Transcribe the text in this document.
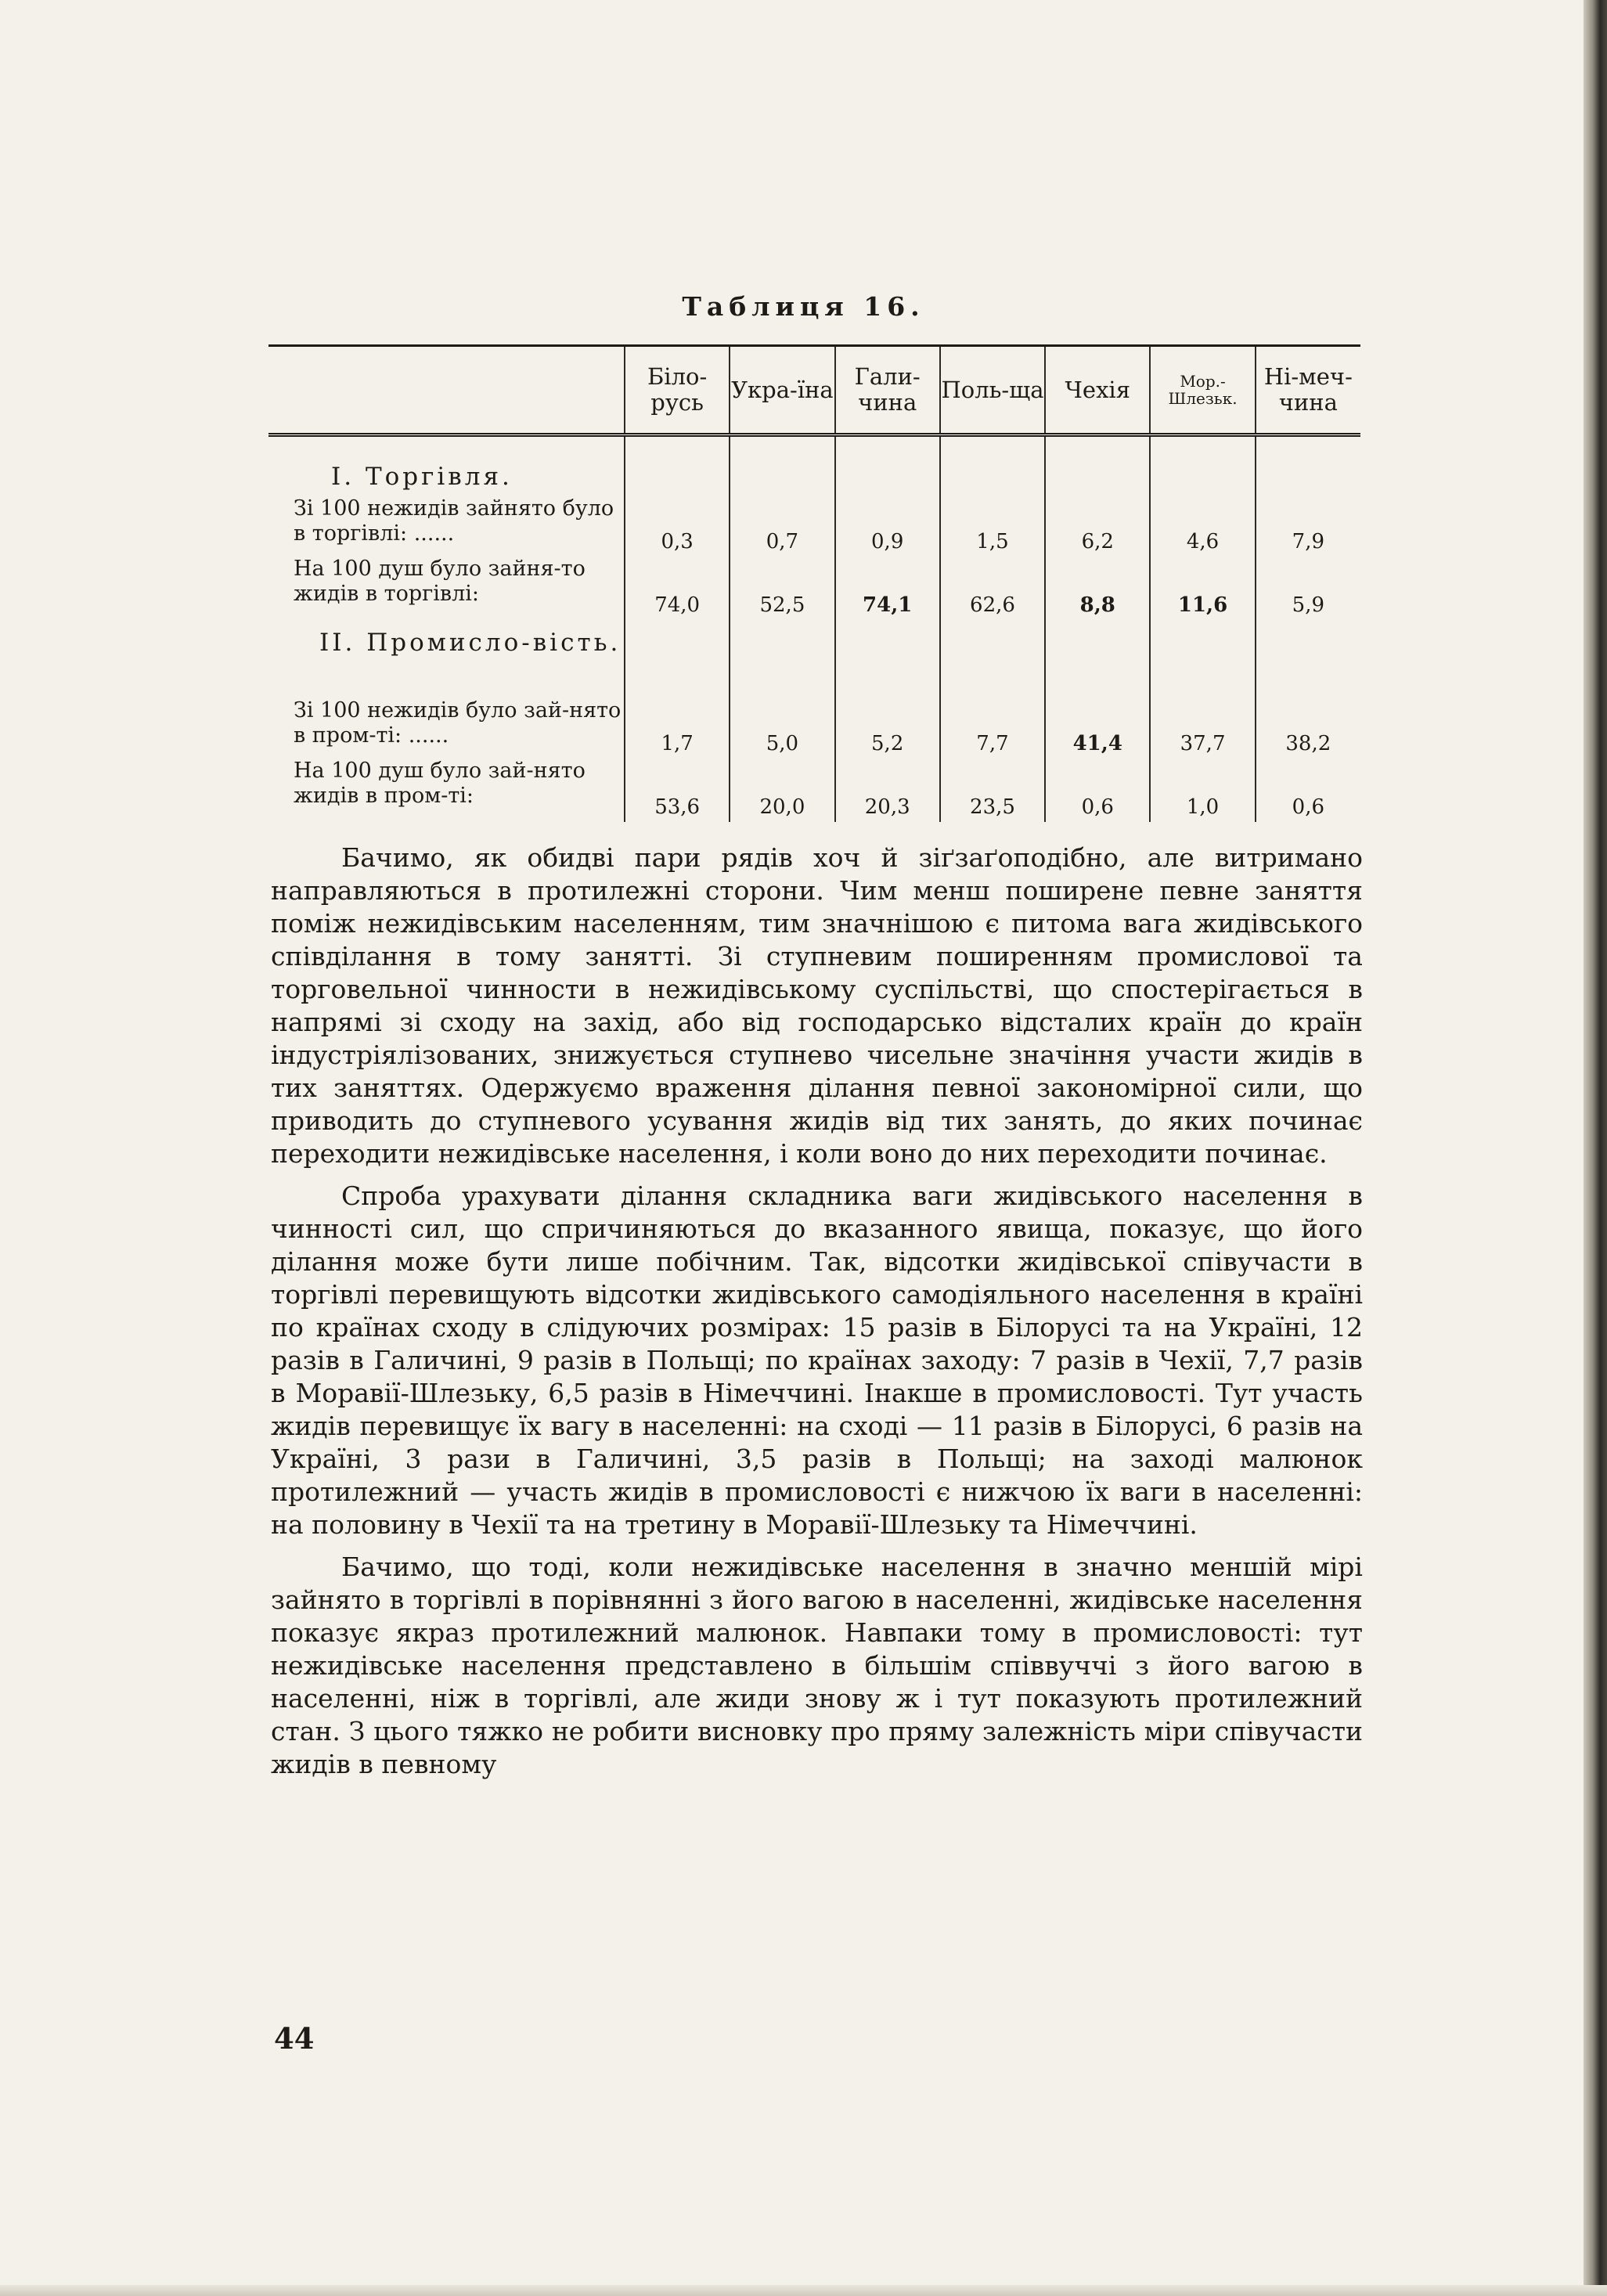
Таблиця 16.
	Біло-русь	Укра-їна	Гали-чина	Поль-ща	Чехія	Мор.-Шлезьк.	Ні-меч-чина
I. Торгівля.							
Зі 100 нежидів зайнято було в торгівлі: ......	0,3	0,7	0,9	1,5	6,2	4,6	7,9
На 100 душ було зайня-то жидів в торгівлі:	74,0	52,5	74,1	62,6	8,8	11,6	5,9
II. Промисло-вість.							
Зі 100 нежидів було зай-нято в пром-ті: ......	1,7	5,0	5,2	7,7	41,4	37,7	38,2
На 100 душ було зай-нято жидів в пром-ті:	53,6	20,0	20,3	23,5	0,6	1,0	0,6

Бачимо, як обидві пари рядів хоч й зіґзаґоподібно, але витримано направляються в протилежні сторони. Чим менш поширене певне заняття поміж нежидівським населенням, тим значнішою є питома вага жидівського співділання в тому занятті. Зі ступневим поширенням промислової та торговельної чинности в нежидівському суспільстві, що спостерігається в напрямі зі сходу на захід, або від господарсько відсталих країн до країн індустріялізованих, знижується ступнево чисельне значіння участи жидів в тих заняттях. Одержуємо враження ділання певної закономірної сили, що приводить до ступневого усування жидів від тих занять, до яких починає переходити нежидівське населення, і коли воно до них переходити починає.

Спроба урахувати ділання складника ваги жидівського населення в чинності сил, що спричиняються до вказанного явища, показує, що його ділання може бути лише побічним. Так, відсотки жидівської співучасти в торгівлі перевищують відсотки жидівського самодіяльного населення в країні по країнах сходу в слідуючих розмірах: 15 разів в Білорусі та на Україні, 12 разів в Галичині, 9 разів в Польщі; по країнах заходу: 7 разів в Чехії, 7,7 разів в Моравії-Шлезьку, 6,5 разів в Німеччині. Інакше в промисловості. Тут участь жидів перевищує їх вагу в населенні: на сході — 11 разів в Білорусі, 6 разів на Україні, 3 рази в Галичині, 3,5 разів в Польщі; на заході малюнок протилежний — участь жидів в промисловості є нижчою їх ваги в населенні: на половину в Чехії та на третину в Моравії-Шлезьку та Німеччині.

Бачимо, що тоді, коли нежидівське населення в значно меншій мірі зайнято в торгівлі в порівнянні з його вагою в населенні, жидівське населення показує якраз протилежний малюнок. Навпаки тому в промисловості: тут нежидівське населення представлено в більшім співвуччі з його вагою в населенні, ніж в торгівлі, але жиди знову ж і тут показують протилежний стан. З цього тяжко не робити висновку про пряму залежність міри співучасти жидів в певному

44
